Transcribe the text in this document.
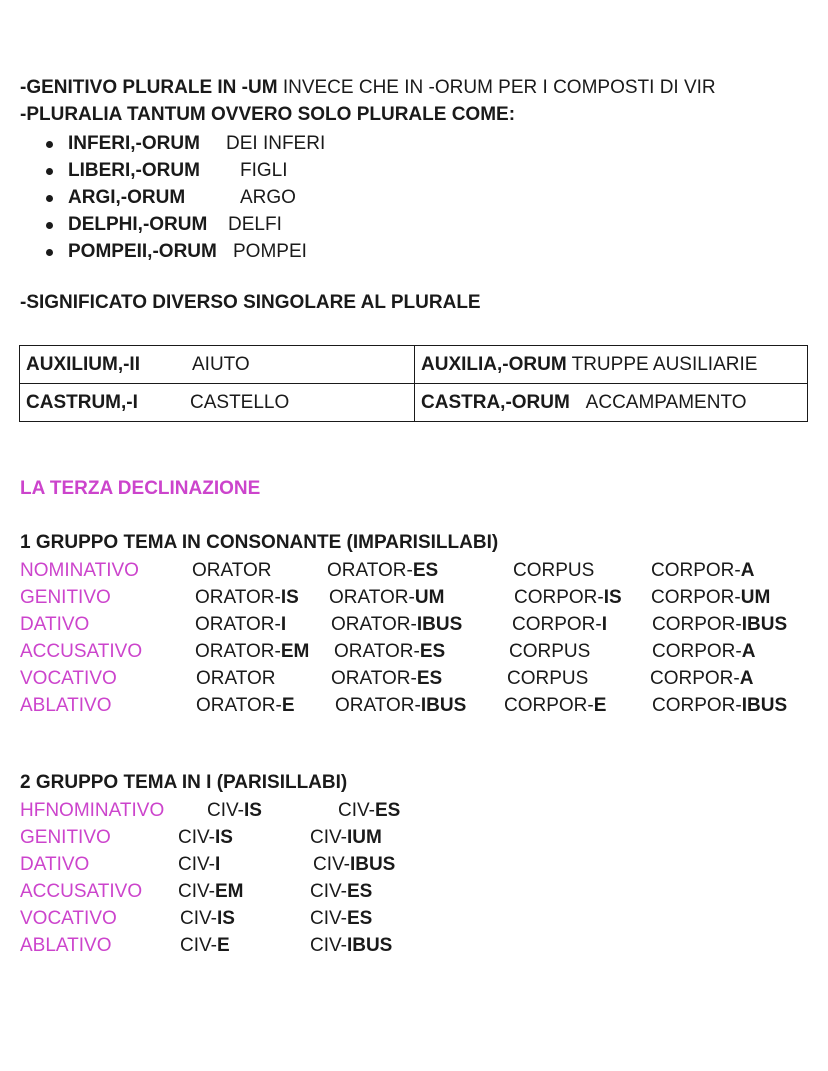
-GENITIVO PLURALE IN -UM INVECE CHE IN -ORUM PER I COMPOSTI DI VIR
-PLURALIA TANTUM OVVERO SOLO PLURALE COME:
INFERI,-ORUM DEI INFERI
LIBERI,-ORUM FIGLI
ARGI,-ORUM	ARGO
DELPHI,-ORUM DELFI
POMPEII,-ORUM POMPEI
-SIGNIFICATO DIVERSO SINGOLARE AL PLURALE
AUXILIUM,-II AIUTO	AUXILIA,-ORUM TRUPPE AUSILIARIE
CASTRUM,-I CASTELLO	CASTRA,-ORUM ACCAMPAMENTO
LA TERZA DECLINAZIONE
1 GRUPPO TEMA IN CONSONANTE (IMPARISILLABI)
NOMINATIVO	ORATOR	ORATOR-ES	CORPUS	CORPOR-A
GENITIVO	ORATOR-IS ORATOR-UM	CORPOR-IS CORPOR-UM
DATIVO	ORATOR-I ORATOR-IBUS	CORPOR-I CORPOR-IBUS
ACCUSATIVO	ORATOR-EM ORATOR-ES	CORPUS	CORPOR-A
VOCATIVO	ORATOR	ORATOR-ES	CORPUS	CORPOR-A
ABLATIVO	ORATOR-E ORATOR-IBUS CORPOR-E CORPOR-IBUS
2 GRUPPO TEMA IN I (PARISILLABI)
HFNOMINATIVO CIV-IS	CIV-ES
GENITIVO	CIV-IS	CIV-IUM
DATIVO	CIV-I	CIV-IBUS
ACCUSATIVO CIV-EM	CIV-ES
VOCATIVO	CIV-IS	CIV-ES
ABLATIVO	CIV-E	CIV-IBUS
